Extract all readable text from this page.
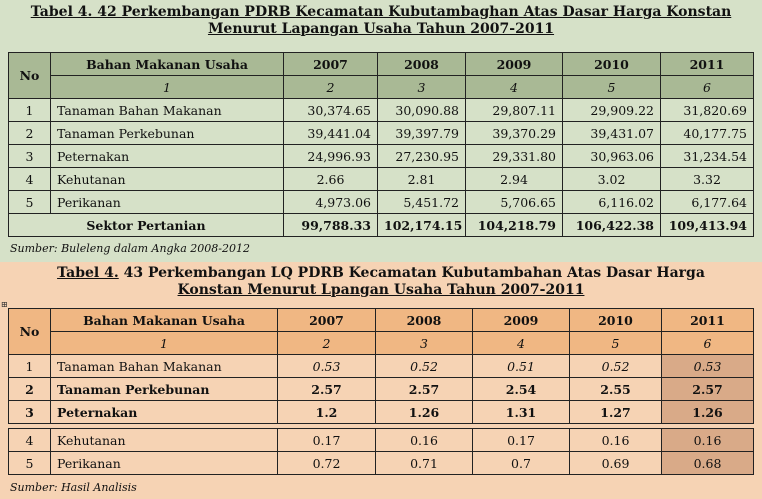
Tabel 4. 42 Perkembangan PDRB Kecamatan Kubutambaghan Atas Dasar Harga Konstan
Menurut Lapangan Usaha Tahun 2007-2011
No	Bahan Makanan Usaha	2007	2008	2009	2010	2011
	1	2	3	4	5	6
1	Tanaman Bahan Makanan	30,374.65	30,090.88	29,807.11	29,909.22	31,820.69
2	Tanaman Perkebunan	39,441.04	39,397.79	39,370.29	39,431.07	40,177.75
3	Peternakan	24,996.93	27,230.95	29,331.80	30,963.06	31,234.54
4	Kehutanan	2.66	2.81	2.94	3.02	3.32
5	Perikanan	4,973.06	5,451.72	5,706.65	6,116.02	6,177.64
Sektor Pertanian		99,788.33	102,174.15	104,218.79	106,422.38	109,413.94
Sumber: Buleleng dalam Angka 2008-2012
Tabel 4. 43 Perkembangan LQ PDRB Kecamatan Kubutambahan Atas Dasar Harga
Konstan Menurut Lpangan Usaha Tahun 2007-2011
No	Bahan Makanan Usaha	2007	2008	2009	2010	2011
	1	2	3	4	5	6
1	Tanaman Bahan Makanan	0.53	0.52	0.51	0.52	0.53
2	Tanaman Perkebunan	2.57	2.57	2.54	2.55	2.57
3	Peternakan	1.2	1.26	1.31	1.27	1.26

4	Kehutanan	0.17	0.16	0.17	0.16	0.16
5	Perikanan	0.72	0.71	0.7	0.69	0.68
Sumber: Hasil Analisis
⊞
